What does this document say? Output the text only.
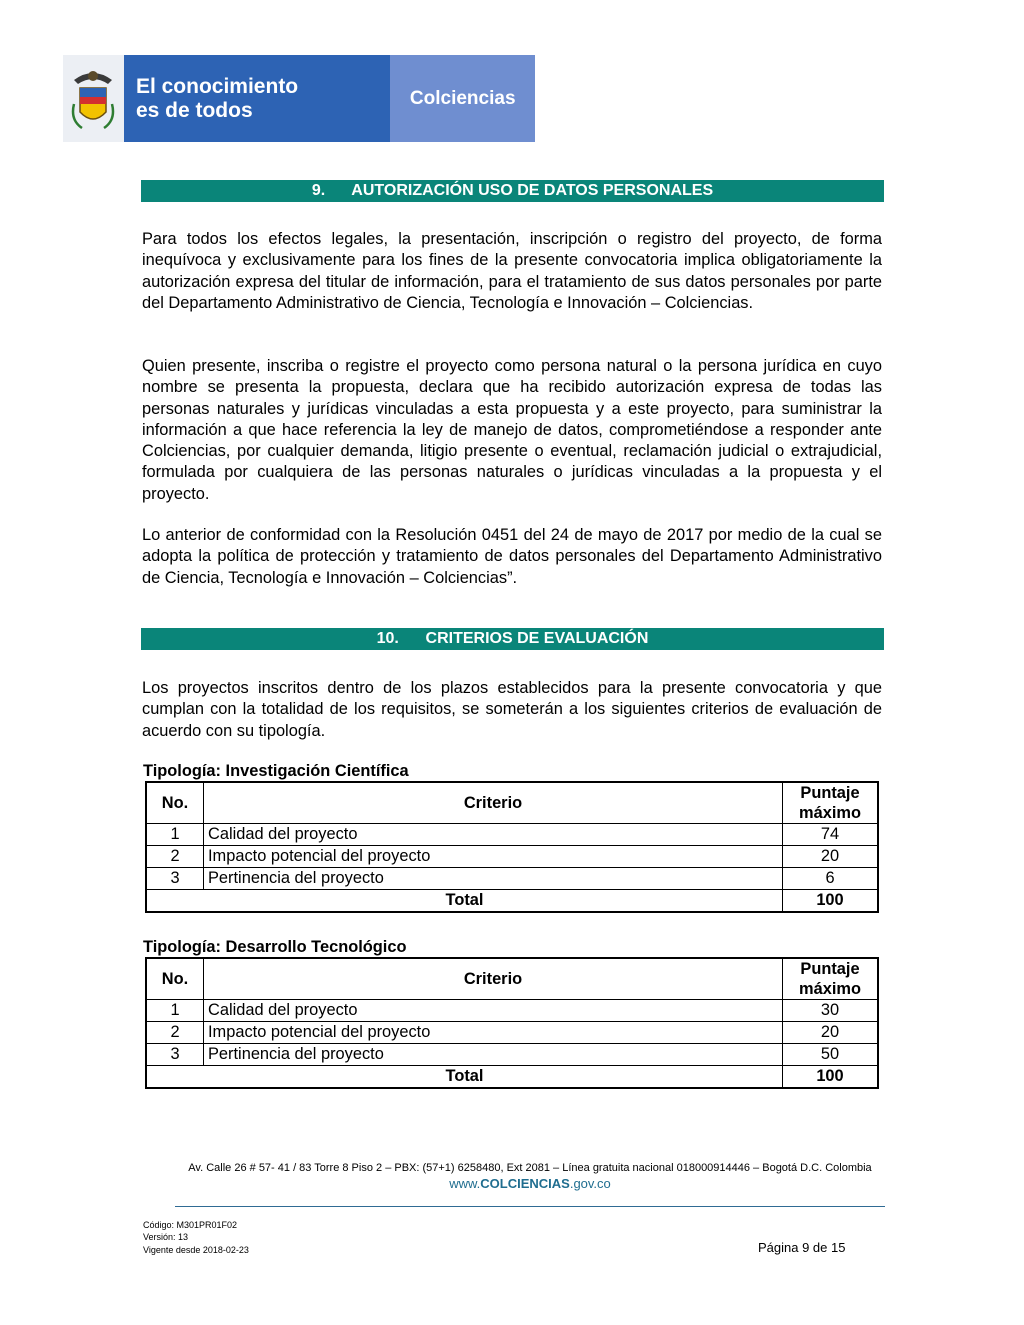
El conocimiento
es de todos
Colciencias
9. AUTORIZACIÓN USO DE DATOS PERSONALES

Para todos los efectos legales, la presentación, inscripción o registro del proyecto, de forma inequívoca y exclusivamente para los fines de la presente convocatoria implica obligatoriamente la autorización expresa del titular de información, para el tratamiento de sus datos personales por parte del Departamento Administrativo de Ciencia, Tecnología e Innovación – Colciencias.

Quien presente, inscriba o registre el proyecto como persona natural o la persona jurídica en cuyo nombre se presenta la propuesta, declara que ha recibido autorización expresa de todas las personas naturales y jurídicas vinculadas a esta propuesta y a este proyecto, para suministrar la información a que hace referencia la ley de manejo de datos, comprometiéndose a responder ante Colciencias, por cualquier demanda, litigio presente o eventual, reclamación judicial o extrajudicial, formulada por cualquiera de las personas naturales o jurídicas vinculadas a la propuesta y el proyecto.

Lo anterior de conformidad con la Resolución 0451 del 24 de mayo de 2017 por medio de la cual se adopta la política de protección y tratamiento de datos personales del Departamento Administrativo de Ciencia, Tecnología e Innovación – Colciencias”.

10. CRITERIOS DE EVALUACIÓN

Los proyectos inscritos dentro de los plazos establecidos para la presente convocatoria y que cumplan con la totalidad de los requisitos, se someterán a los siguientes criterios de evaluación de acuerdo con su tipología.

Tipología: Investigación Científica
No.	Criterio	Puntaje
máximo

1	Calidad del proyecto	74
2	Impacto potencial del proyecto	20
3	Pertinencia del proyecto	6
Total		100
Tipología: Desarrollo Tecnológico
No.	Criterio	Puntaje
máximo

1	Calidad del proyecto	30
2	Impacto potencial del proyecto	20
3	Pertinencia del proyecto	50
Total		100
Av. Calle 26 # 57- 41 / 83 Torre 8 Piso 2 – PBX: (57+1) 6258480, Ext 2081 – Línea gratuita nacional 018000914446 – Bogotá D.C. Colombia
www.COLCIENCIAS.gov.co
Código: M301PR01F02
Versión: 13
Vigente desde 2018-02-23	Página 9 de 15
